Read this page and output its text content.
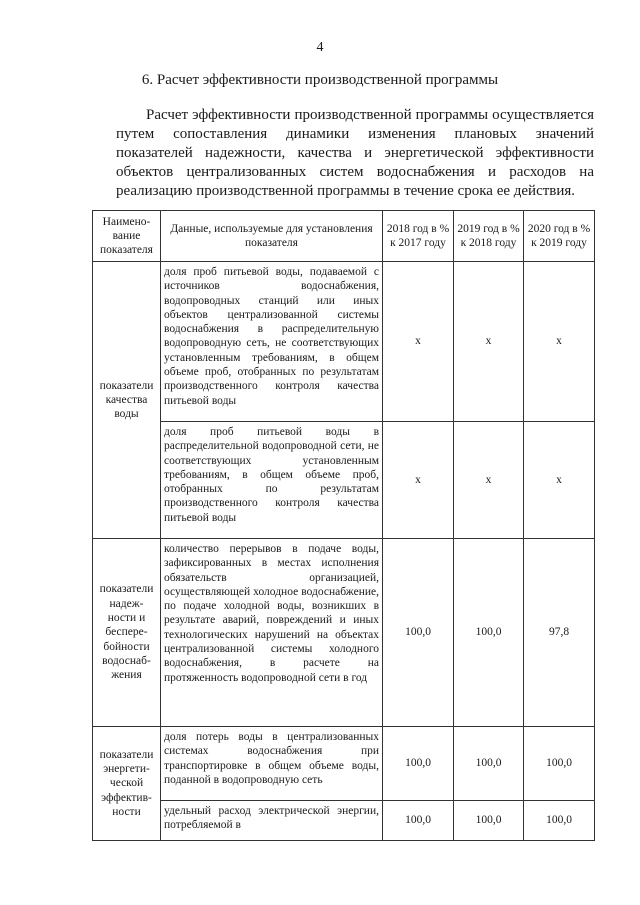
4
6. Расчет эффективности производственной программы

Расчет эффективности производственной программы осуществляется путем сопоставления динамики изменения плановых значений показателей надежности, качества и энергетической эффективности объектов централизованных систем водоснабжения и расходов на реализацию производственной программы в течение срока ее действия.

Наимено-вание показателя	Данные, используемые для установления показателя	2018 год в % к 2017 году	2019 год в % к 2018 году	2020 год в % к 2019 году
показатели качества воды	доля проб питьевой воды, подаваемой с источников водоснабжения, водопроводных станций или иных объектов централизованной системы водоснабжения в распределительную водопроводную сеть, не соответствующих установленным требованиям, в общем объеме проб, отобранных по результатам производственного контроля качества питьевой воды	x	x	x
	доля проб питьевой воды в распределительной водопроводной сети, не соответствующих установленным требованиям, в общем объеме проб, отобранных по результатам производственного контроля качества питьевой воды	x	x	x
показатели надеж-ности и беспере-бойности водоснаб-жения	количество перерывов в подаче воды, зафиксированных в местах исполнения обязательств организацией, осуществляющей холодное водоснабжение, по подаче холодной воды, возникших в результате аварий, повреждений и иных технологических нарушений на объектах централизованной системы холодного водоснабжения, в расчете на протяженность водопроводной сети в год	100,0	100,0	97,8
показатели энергети-ческой эффектив-ности	доля потерь воды в централизованных системах водоснабжения при транспортировке в общем объеме воды, поданной в водопроводную сеть	100,0	100,0	100,0
	удельный расход электрической энергии, потребляемой в	100,0	100,0	100,0
